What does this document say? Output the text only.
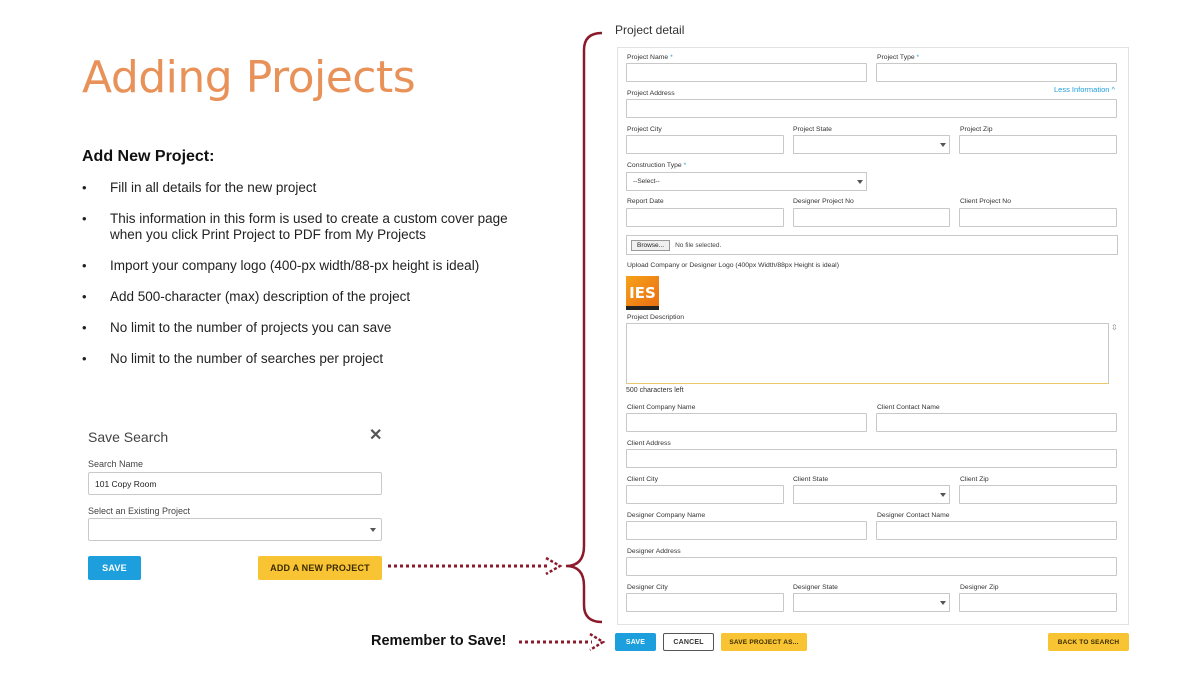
Adding Projects
Add New Project:
• Fill in all details for the new project
• This information in this form is used to create a custom cover page when you click Print Project to PDF from My Projects
• Import your company logo (400-px width/88-px height is ideal)
• Add 500-character (max) description of the project
• No limit to the number of projects you can save
• No limit to the number of searches per project
Save Search	✕
Search Name
101 Copy Room
Select an Existing Project
SAVE	ADD A NEW PROJECT
Project detail
Project Name *	Project Type *
Less Information ^
Project Address
Project City	Project State	Project Zip
Construction Type *
--Select--
Report Date	Designer Project No	Client Project No
Browse...	No file selected.
Upload Company or Designer Logo (400px Width/88px Height is ideal)
IES
Project Description
⇳
500 characters left
Client Company Name	Client Contact Name
Client Address
Client City	Client State	Client Zip
Designer Company Name	Designer Contact Name
Designer Address
Designer City	Designer State	Designer Zip
SAVE	CANCEL	SAVE PROJECT AS...	BACK TO SEARCH
Remember to Save!
